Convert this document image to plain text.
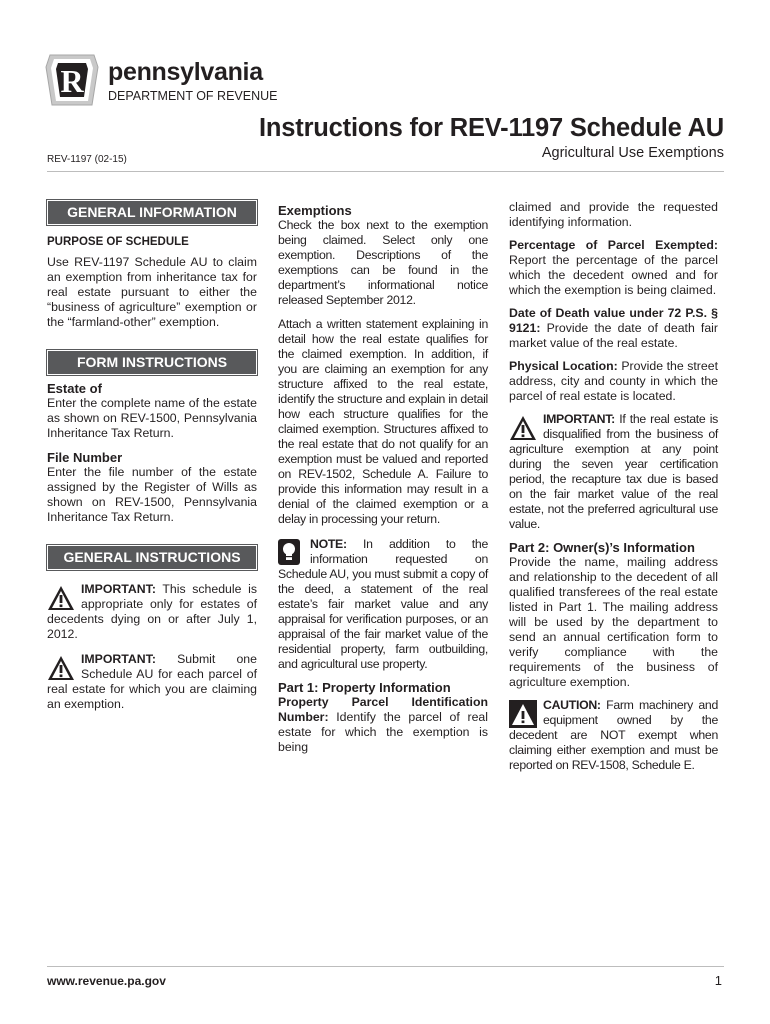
R pennsylvania
DEPARTMENT OF REVENUE
Instructions for REV-1197 Schedule AU
REV-1197 (02-15)	Agricultural Use Exemptions
GENERAL INFORMATION
PURPOSE OF SCHEDULE

Use REV-1197 Schedule AU to claim an exemption from inheritance tax for real estate pursuant to either the “business of agriculture” exemption or the “farmland-other” exemption.

FORM INSTRUCTIONS
Estate of

Enter the complete name of the estate as shown on REV-1500, Pennsylvania Inheritance Tax Return.

File Number

Enter the file number of the estate assigned by the Register of Wills as shown on REV-1500, Pennsylvania Inheritance Tax Return.

GENERAL INSTRUCTIONS

IMPORTANT: This schedule is appropriate only for estates of decedents dying on or after July 1, 2012.

IMPORTANT: Submit one Schedule AU for each parcel of real estate for which you are claiming an exemption.

Exemptions

Check the box next to the exemption being claimed. Select only one exemption. Descriptions of the exemptions can be found in the department’s informational notice released September 2012.

Attach a written statement explaining in detail how the real estate qualifies for the claimed exemption. In addition, if you are claiming an exemption for any structure affixed to the real estate, identify the structure and explain in detail how each structure qualifies for the claimed exemption. Structures affixed to the real estate that do not qualify for an exemption must be valued and reported on REV-1502, Schedule A. Failure to provide this information may result in a denial of the claimed exemption or a delay in processing your return.

NOTE: In addition to the information requested on Schedule AU, you must submit a copy of the deed, a statement of the real estate’s fair market value and any appraisal for verification purposes, or an appraisal of the fair market value of the residential property, farm outbuilding, and agricultural use property.

Part 1: Property Information

Property Parcel Identification Number: Identify the parcel of real estate for which the exemption is being

claimed and provide the requested identifying information.

Percentage of Parcel Exempted: Report the percentage of the parcel which the decedent owned and for which the exemption is being claimed.

Date of Death value under 72 P.S. § 9121: Provide the date of death fair market value of the real estate.

Physical Location: Provide the street address, city and county in which the parcel of real estate is located.

IMPORTANT: If the real estate is disqualified from the business of agriculture exemption at any point during the seven year certification period, the recapture tax due is based on the fair market value of the real estate, not the preferred agricultural use value.

Part 2: Owner(s)’s Information

Provide the name, mailing address and relationship to the decedent of all qualified transferees of the real estate listed in Part 1. The mailing address will be used by the department to send an annual certification form to verify compliance with the requirements of the business of agriculture exemption.

CAUTION: Farm machinery and equipment owned by the decedent are NOT exempt when claiming either exemption and must be reported on REV-1508, Schedule E.

www.revenue.pa.gov	1
